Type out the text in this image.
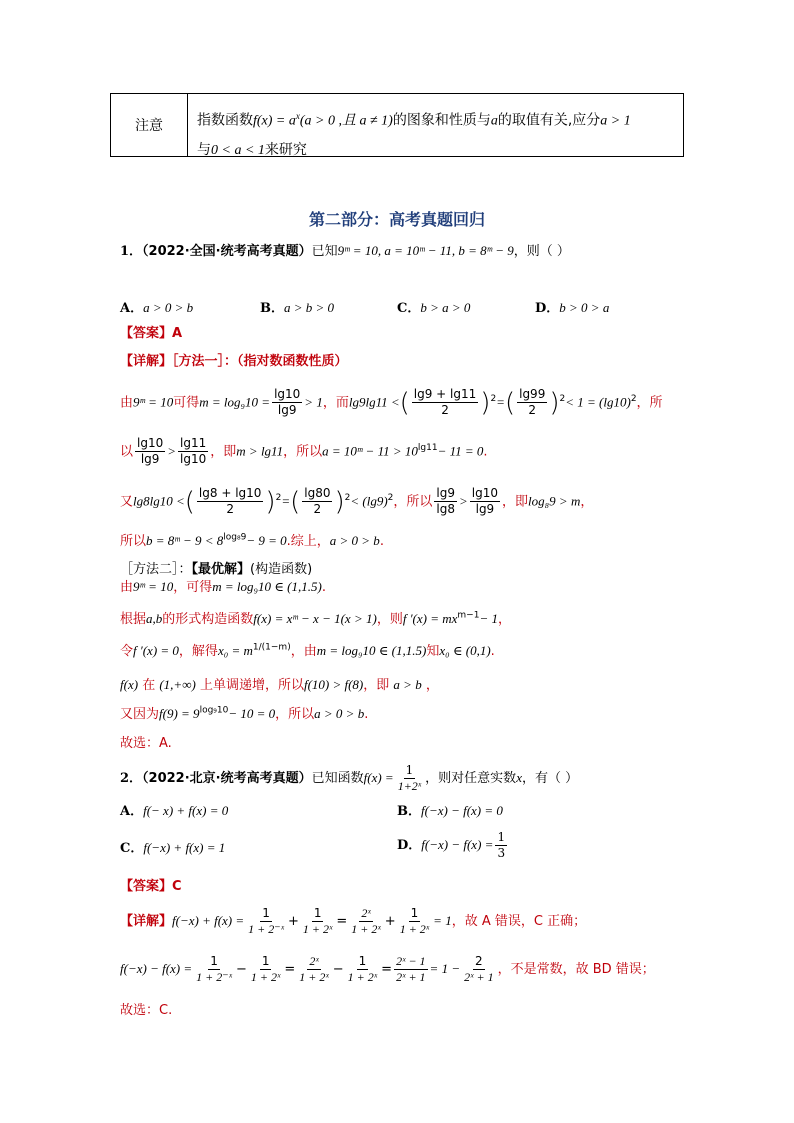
注意	指数函数$f(x) = a^x(a > 0$ ,且 a ≠ 1)的图象和性质与a的取值有关,应分a > 1
与0 < a < 1来研究
第二部分：高考真题回归
1．（2022·全国·统考高考真题）已知9ᵐ = 10, a = 10ᵐ − 11, b = 8ᵐ − 9，则（ ）
A．a > 0 > b	B．a > b > 0	C．b > a > 0	D．b > 0 > a
【答案】A
【详解】［方法一］：（指对数函数性质）
由9ᵐ = 10可得$m = \log_910 = \frac{\lg 10}{\lg 9} > 1$，而lg9lg11 <( $\frac{\lg 9 + \lg 11}{2} )^2=( \frac{\lg 99}{2} )^2< 1 = (\lg 10)^2$，所
以 $\frac{\lg 10}{\lg 9} > \frac{\lg 11}{\lg 10}$ ，即m > lg11，所以a = 10ᵐ − $11 > 10^{lg11}- 11 = 0$.
又lg8lg10 <( $\frac{\lg 8 + \lg 10}{2} )^2=( \frac{\lg 80}{2} )^2< (\lg 9)^2$，所以 $\frac{\lg 9}{\lg 8} > \frac{\lg 10}{\lg 9}$ ，即log₈9 > m，
所以b = 8ᵐ − $9 < 8^{log_89}- 9 = 0$.综上，a > 0 > b.
［方法二］：【最优解】(构造函数)
由9ᵐ = 10，可得m = log₉10 ∈ (1,1.5).
根据a,b的形式构造函数f(x) = xᵐ − x − 1(x > 1)，则f $'(x) = mx^{m-1}- 1$，
令f ′(x) = 0，解得$x_0 = m^{1/(1-m)}$，由m = log₉10 ∈ (1,1.5)知x₀ ∈ (0,1).
f(x) 在 (1,+∞) 上单调递增，所以f(10) > f(8)，即 a > b ，
又因为$f(9) = 9^{log_910}- 10 = 0$，所以a > 0 > b.
故选：A.
2．（2022·北京·统考高考真题）已知函数$f(x) = \frac{1}{\text{1+2ˣ}}$ ，则对任意实数x，有（ ）
A．f(− x) + f(x) = 0	B．f(−x) − f(x) = 0
C．f(−x) + f(x) = 1	D．$f(-x) - f(x) = \frac{1}{3}$
【答案】C
【详解】$f(-x) + f(x) = \frac{1}{\text{1 + 2⁻ˣ}} + \frac{1}{\text{1 + 2ˣ}} = \frac{\text{2ˣ}}{\text{1 + 2ˣ}} + \frac{1}{\text{1 + 2ˣ}} = 1$，故 A 错误，C 正确；
$f(-x) - f(x) = \frac{1}{\text{1 + 2⁻ˣ}} - \frac{1}{\text{1 + 2ˣ}} = \frac{\text{2ˣ}}{\text{1 + 2ˣ}} - \frac{1}{\text{1 + 2ˣ}} = \frac{\text{2ˣ − 1}}{\text{2ˣ + 1}} = 1 - \frac{2}{\text{2ˣ + 1}}$ ，不是常数，故 BD 错误；
故选：C.
